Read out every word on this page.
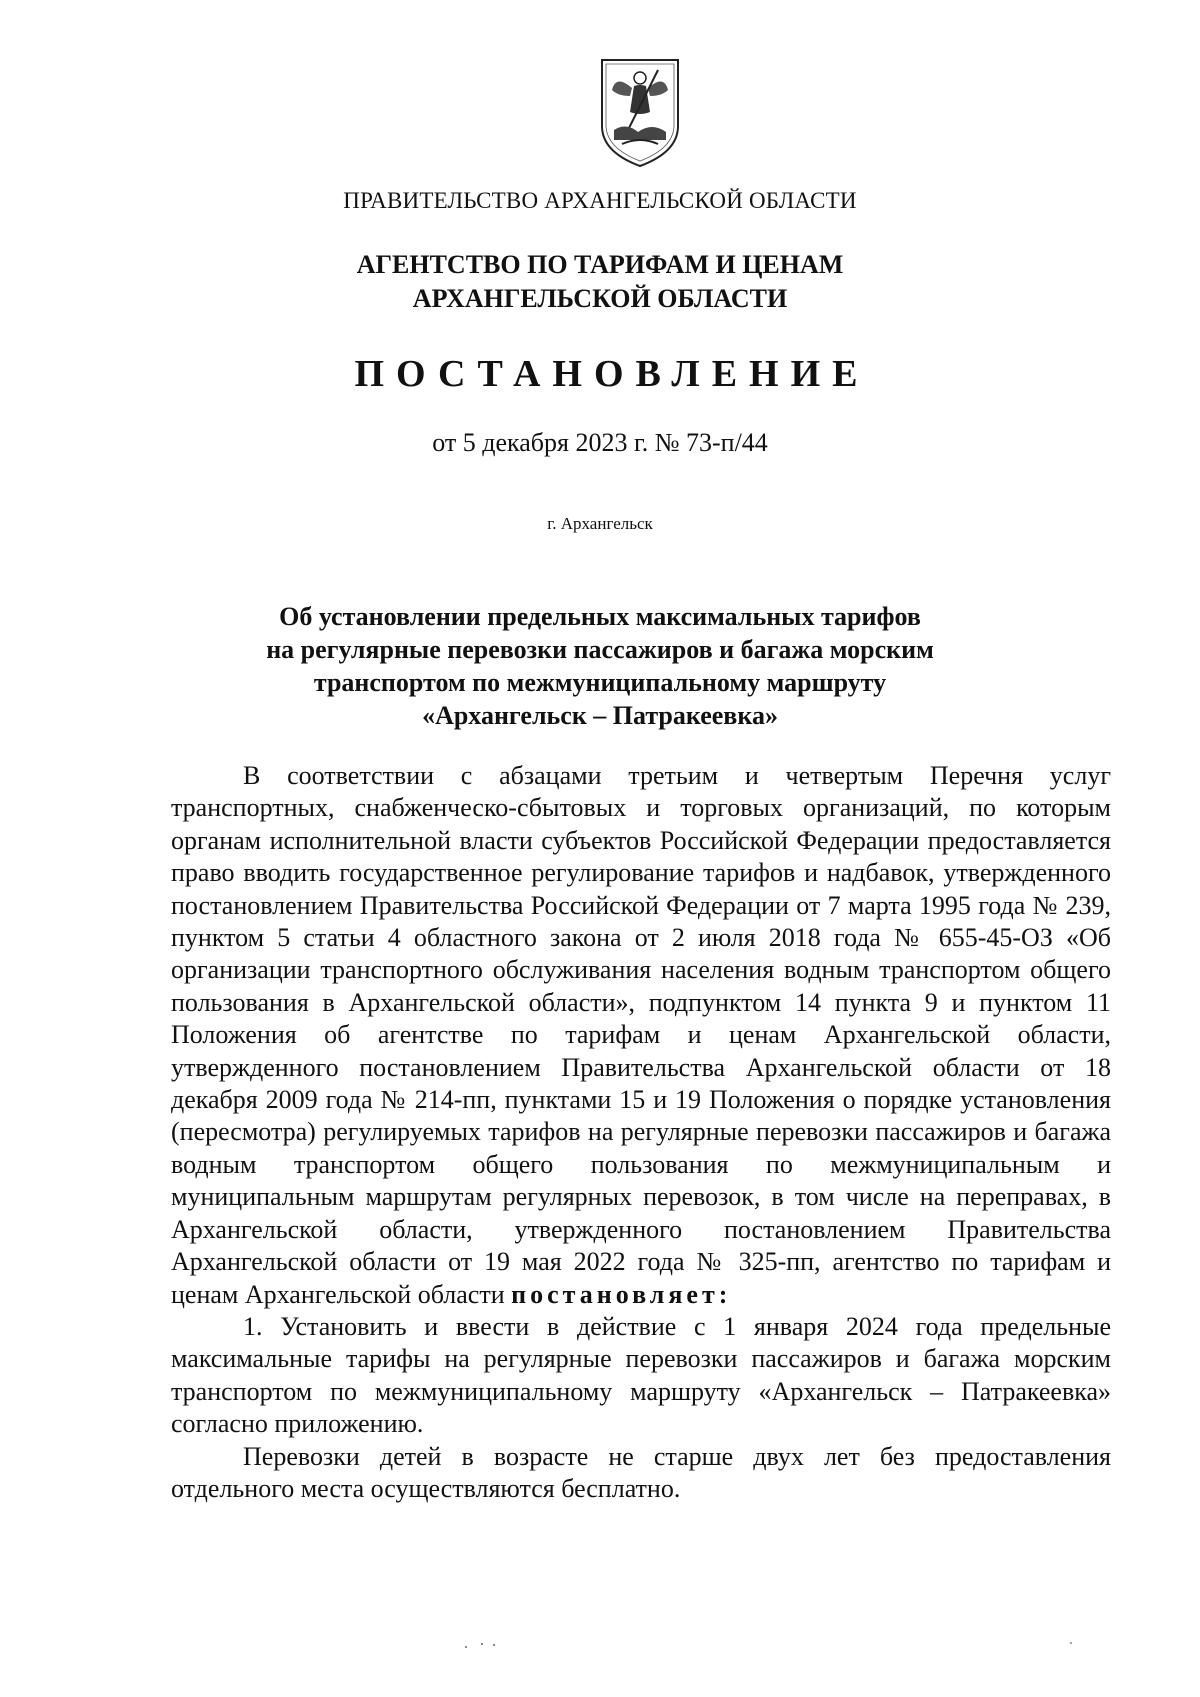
ПРАВИТЕЛЬСТВО АРХАНГЕЛЬСКОЙ ОБЛАСТИ
АГЕНТСТВО ПО ТАРИФАМ И ЦЕНАМ
АРХАНГЕЛЬСКОЙ ОБЛАСТИ
ПОСТАНОВЛЕНИЕ
от 5 декабря 2023 г. № 73-п/44
г. Архангельск
Об установлении предельных максимальных тарифов
на регулярные перевозки пассажиров и багажа морским
транспортом по межмуниципальному маршруту
«Архангельск – Патракеевка»

В соответствии с абзацами третьим и четвертым Перечня услуг транспортных, снабженческо-сбытовых и торговых организаций, по которым органам исполнительной власти субъектов Российской Федерации предоставляется право вводить государственное регулирование тарифов и надбавок, утвержденного постановлением Правительства Российской Федерации от 7 марта 1995 года № 239, пунктом 5 статьи 4 областного закона от 2 июля 2018 года № 655-45-ОЗ «Об организации транспортного обслуживания населения водным транспортом общего пользования в Архангельской области», подпунктом 14 пункта 9 и пунктом 11 Положения об агентстве по тарифам и ценам Архангельской области, утвержденного постановлением Правительства Архангельской области от 18 декабря 2009 года № 214-пп, пунктами 15 и 19 Положения о порядке установления (пересмотра) регулируемых тарифов на регулярные перевозки пассажиров и багажа водным транспортом общего пользования по межмуниципальным и муниципальным маршрутам регулярных перевозок, в том числе на переправах, в Архангельской области, утвержденного постановлением Правительства Архангельской области от 19 мая 2022 года № 325-пп, агентство по тарифам и ценам Архангельской области постановляет:

1. Установить и ввести в действие с 1 января 2024 года предельные максимальные тарифы на регулярные перевозки пассажиров и багажа морским транспортом по межмуниципальному маршруту «Архангельск – Патракеевка» согласно приложению.

Перевозки детей в возрасте не старше двух лет без предоставления отдельного места осуществляются бесплатно.
